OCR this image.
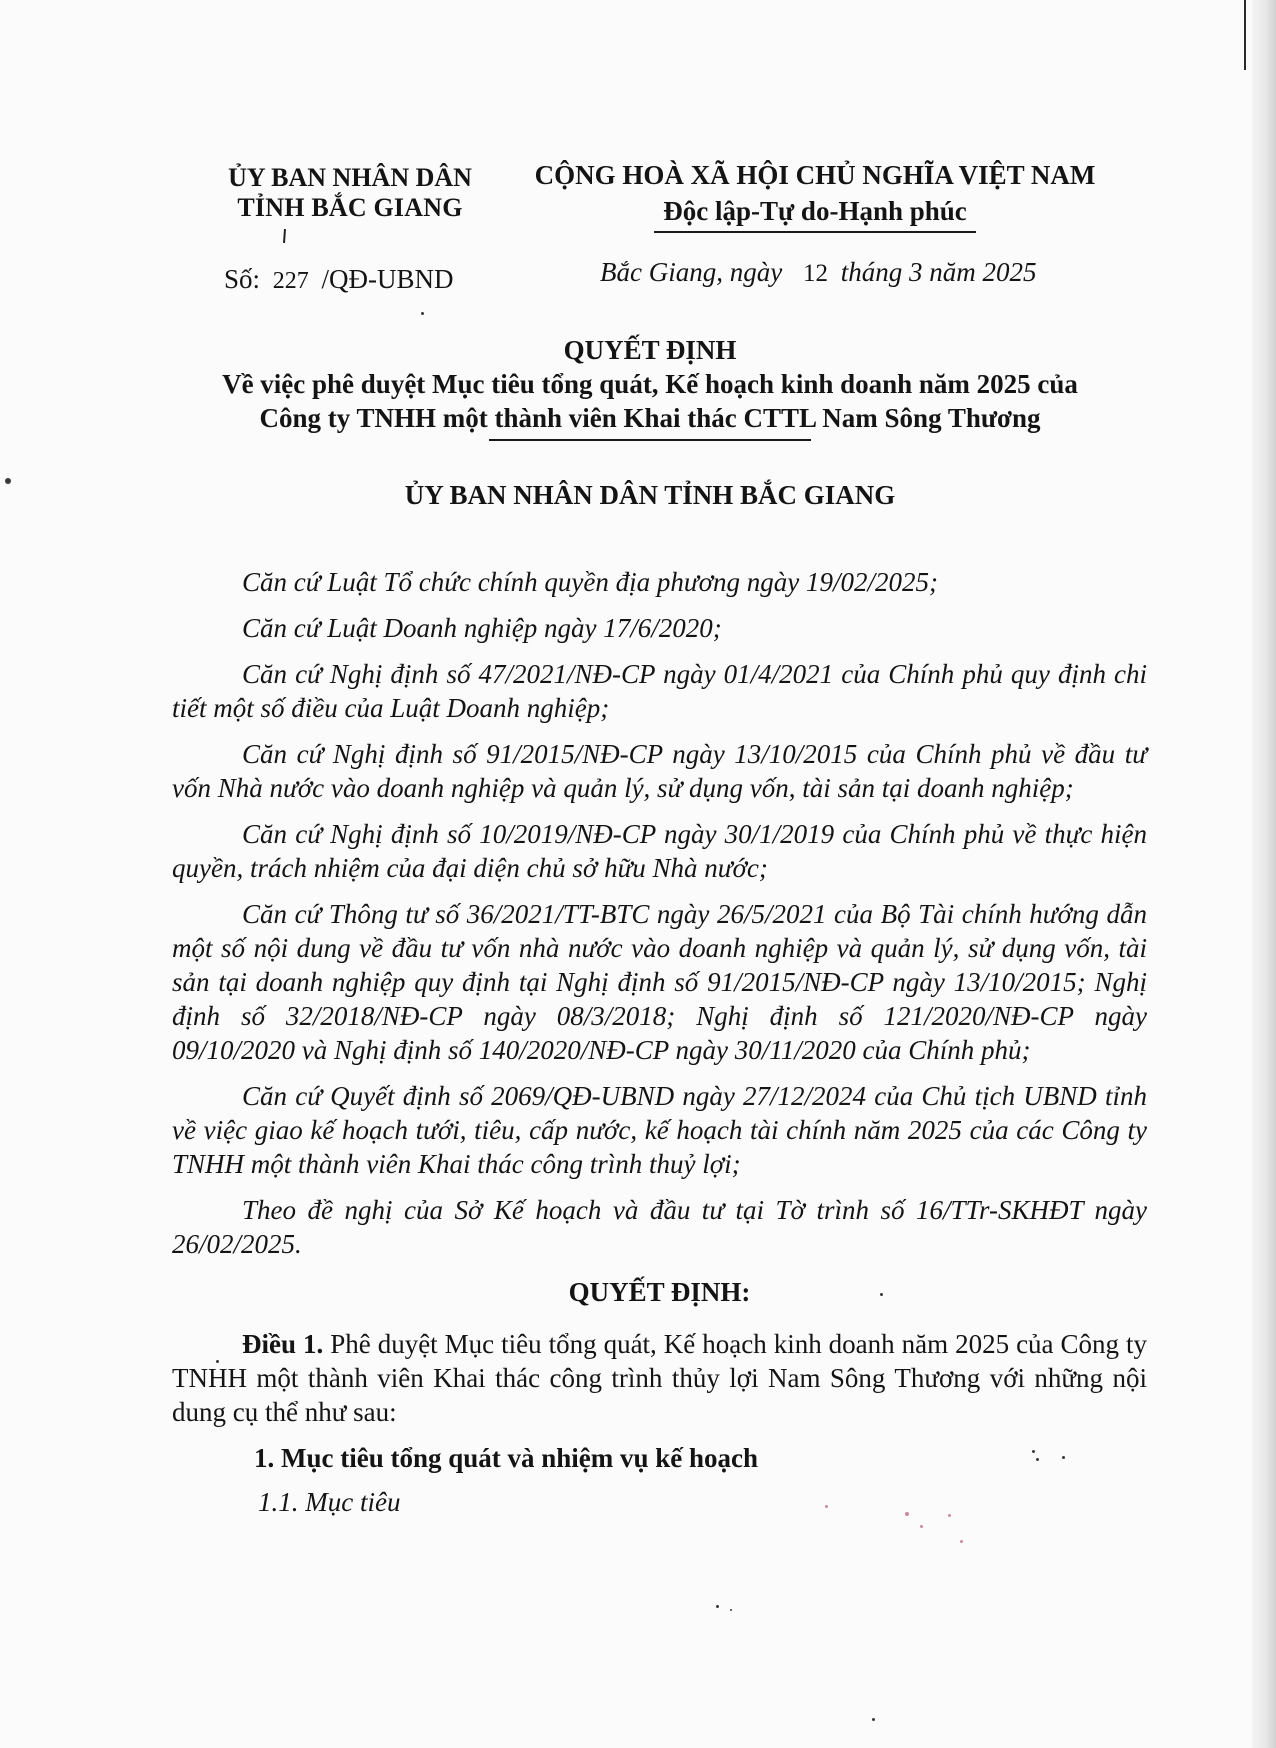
ỦY BAN NHÂN DÂN
TỈNH BẮC GIANG
CỘNG HOÀ XÃ HỘI CHỦ NGHĨA VIỆT NAM
Độc lập-Tự do-Hạnh phúc
Số: 227 /QĐ-UBND	Bắc Giang, ngày 12 tháng 3 năm 2025
QUYẾT ĐỊNH
Về việc phê duyệt Mục tiêu tổng quát, Kế hoạch kinh doanh năm 2025 của
Công ty TNHH một thành viên Khai thác CTTL Nam Sông Thương
ỦY BAN NHÂN DÂN TỈNH BẮC GIANG

Căn cứ Luật Tổ chức chính quyền địa phương ngày 19/02/2025;

Căn cứ Luật Doanh nghiệp ngày 17/6/2020;

Căn cứ Nghị định số 47/2021/NĐ-CP ngày 01/4/2021 của Chính phủ quy định chi tiết một số điều của Luật Doanh nghiệp;

Căn cứ Nghị định số 91/2015/NĐ-CP ngày 13/10/2015 của Chính phủ về đầu tư vốn Nhà nước vào doanh nghiệp và quản lý, sử dụng vốn, tài sản tại doanh nghiệp;

Căn cứ Nghị định số 10/2019/NĐ-CP ngày 30/1/2019 của Chính phủ về thực hiện quyền, trách nhiệm của đại diện chủ sở hữu Nhà nước;

Căn cứ Thông tư số 36/2021/TT-BTC ngày 26/5/2021 của Bộ Tài chính hướng dẫn một số nội dung về đầu tư vốn nhà nước vào doanh nghiệp và quản lý, sử dụng vốn, tài sản tại doanh nghiệp quy định tại Nghị định số 91/2015/NĐ-CP ngày 13/10/2015; Nghị định số 32/2018/NĐ-CP ngày 08/3/2018; Nghị định số 121/2020/NĐ-CP ngày 09/10/2020 và Nghị định số 140/2020/NĐ-CP ngày 30/11/2020 của Chính phủ;

Căn cứ Quyết định số 2069/QĐ-UBND ngày 27/12/2024 của Chủ tịch UBND tỉnh về việc giao kế hoạch tưới, tiêu, cấp nước, kế hoạch tài chính năm 2025 của các Công ty TNHH một thành viên Khai thác công trình thuỷ lợi;

Theo đề nghị của Sở Kế hoạch và đầu tư tại Tờ trình số 16/TTr-SKHĐT ngày 26/02/2025.

QUYẾT ĐỊNH:

Điều 1. Phê duyệt Mục tiêu tổng quát, Kế hoạch kinh doanh năm 2025 của Công ty TNHH một thành viên Khai thác công trình thủy lợi Nam Sông Thương với những nội dung cụ thể như sau:

1. Mục tiêu tổng quát và nhiệm vụ kế hoạch
1.1. Mục tiêu
